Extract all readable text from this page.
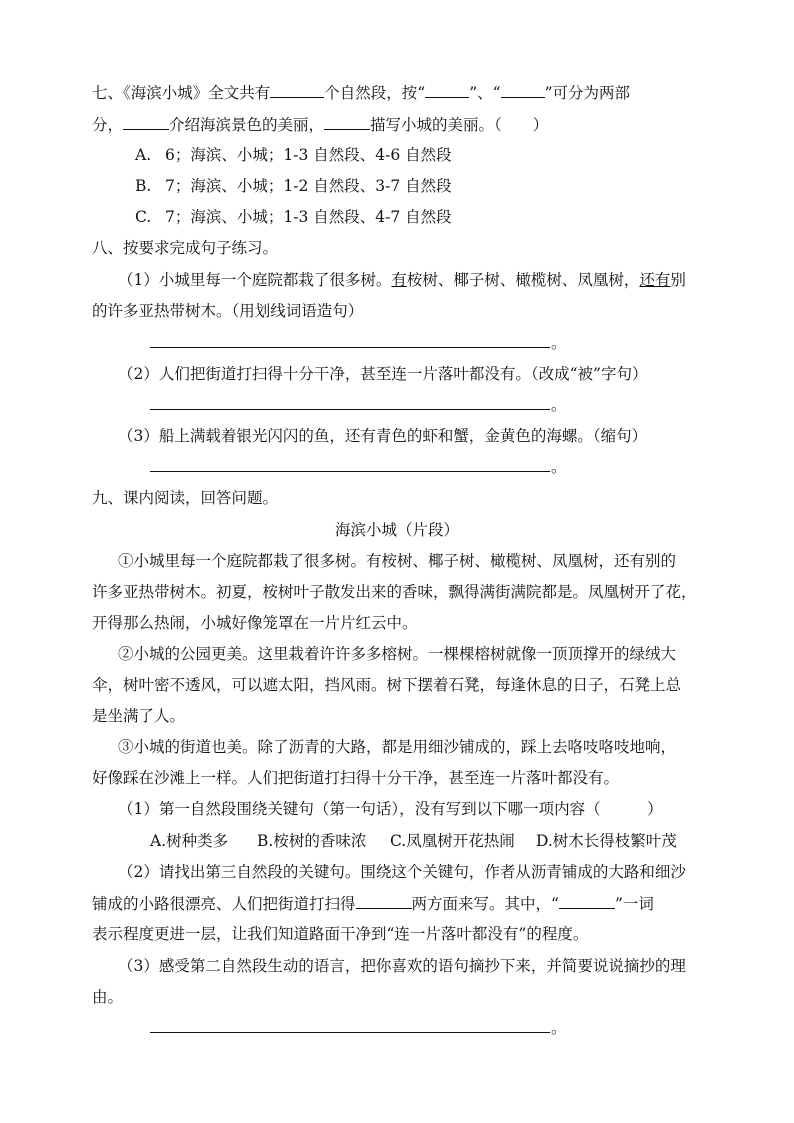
七、《海滨小城》全文共有	个自然段，按“	”、“	”可分为两部
分，	介绍海滨景色的美丽，	描写小城的美丽。（　　）
A. 6；海滨、小城；1-3 自然段、4-6 自然段
B. 7；海滨、小城；1-2 自然段、3-7 自然段
C. 7；海滨、小城；1-3 自然段、4-7 自然段
八、按要求完成句子练习。
（1）小城里每一个庭院都栽了很多树。有桉树、椰子树、橄榄树、凤凰树，还有别
的许多亚热带树木。（用划线词语造句）
。
（2）人们把街道打扫得十分干净，甚至连一片落叶都没有。（改成“被”字句）
。
（3）船上满载着银光闪闪的鱼，还有青色的虾和蟹，金黄色的海螺。（缩句）
。
九、课内阅读，回答问题。
海滨小城（片段）
①小城里每一个庭院都栽了很多树。有桉树、椰子树、橄榄树、凤凰树，还有别的
许多亚热带树木。初夏，桉树叶子散发出来的香味，飘得满街满院都是。凤凰树开了花，
开得那么热闹，小城好像笼罩在一片片红云中。
②小城的公园更美。这里栽着许许多多榕树。一棵棵榕树就像一顶顶撑开的绿绒大
伞，树叶密不透风，可以遮太阳，挡风雨。树下摆着石凳，每逢休息的日子，石凳上总
是坐满了人。
③小城的街道也美。除了沥青的大路，都是用细沙铺成的，踩上去咯吱咯吱地响，
好像踩在沙滩上一样。人们把街道打扫得十分干净，甚至连一片落叶都没有。
（1）第一自然段围绕关键句（第一句话），没有写到以下哪一项内容（　　　）
A.树种类多 B.桉树的香味浓 C.凤凰树开花热闹 D.树木长得枝繁叶茂
（2）请找出第三自然段的关键句。围绕这个关键句，作者从沥青铺成的大路和细沙
铺成的小路很漂亮、人们把街道打扫得	两方面来写。其中，“	”一词
表示程度更进一层，让我们知道路面干净到“连一片落叶都没有”的程度。
（3）感受第二自然段生动的语言，把你喜欢的语句摘抄下来，并简要说说摘抄的理
由。
。
